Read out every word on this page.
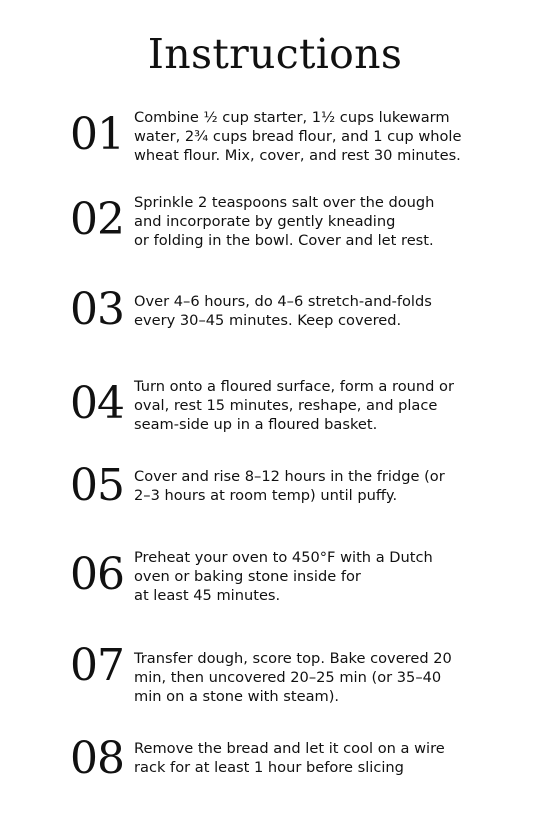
Instructions
01 Combine ½ cup starter, 1½ cups lukewarm
water, 2¾ cups bread flour, and 1 cup whole
wheat flour. Mix, cover, and rest 30 minutes.
02 Sprinkle 2 teaspoons salt over the dough
and incorporate by gently kneading
or folding in the bowl. Cover and let rest.
03 Over 4–6 hours, do 4–6 stretch-and-folds
every 30–45 minutes. Keep covered.
04 Turn onto a floured surface, form a round or
oval, rest 15 minutes, reshape, and place
seam-side up in a floured basket.
05 Cover and rise 8–12 hours in the fridge (or
2–3 hours at room temp) until puffy.
06 Preheat your oven to 450°F with a Dutch
oven or baking stone inside for
at least 45 minutes.
07 Transfer dough, score top. Bake covered 20
min, then uncovered 20–25 min (or 35–40
min on a stone with steam).
08 Remove the bread and let it cool on a wire
rack for at least 1 hour before slicing
